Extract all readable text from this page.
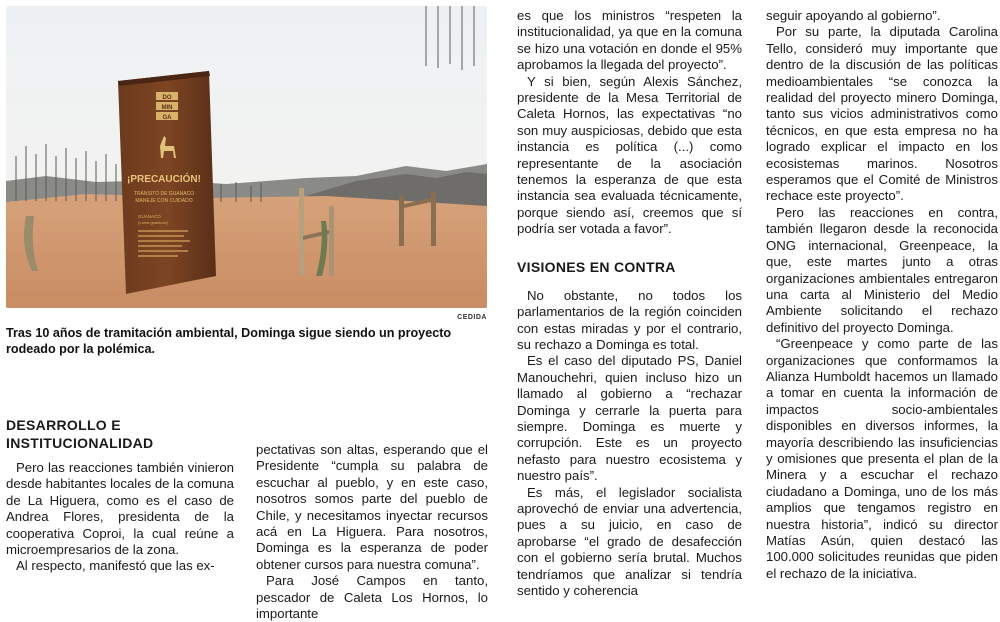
DO
MIN
GA
¡PRECAUCIÓN!
TRÁNSITO DE GUANACO
MANEJE CON CUIDADO
GUANACO
(Lama guanicoe)
CEDIDA
Tras 10 años de tramitación ambiental, Dominga sigue siendo un proyecto rodeado por la polémica.
DESARROLLO E
INSTITUCIONALIDAD

Pero las reacciones también vinieron desde habitantes locales de la comuna de La Higuera, como es el caso de Andrea Flores, presidenta de la cooperativa Coproi, la cual reúne a microempresarios de la zona.

Al respecto, manifestó que las ex-

pectativas son altas, esperando que el Presidente “cumpla su palabra de escuchar al pueblo, y en este caso, nosotros somos parte del pueblo de Chile, y necesitamos inyectar recursos acá en La Higuera. Para nosotros, Dominga es la esperanza de poder obtener cursos para nuestra comuna”.

Para José Campos en tanto, pescador de Caleta Los Hornos, lo importante

es que los ministros “respeten la institucionalidad, ya que en la comuna se hizo una votación en donde el 95% aprobamos la llegada del proyecto”.

Y si bien, según Alexis Sánchez, presidente de la Mesa Territorial de Caleta Hornos, las expectativas “no son muy auspiciosas, debido que esta instancia es política (...) como representante de la asociación tenemos la esperanza de que esta instancia sea evaluada técnicamente, porque siendo así, creemos que sí podría ser votada a favor”.

VISIONES EN CONTRA

No obstante, no todos los parlamentarios de la región coinciden con estas miradas y por el contrario, su rechazo a Dominga es total.

Es el caso del diputado PS, Daniel Manouchehri, quien incluso hizo un llamado al gobierno a “rechazar Dominga y cerrarle la puerta para siempre. Dominga es muerte y corrupción. Este es un proyecto nefasto para nuestro ecosistema y nuestro país”.

Es más, el legislador socialista aprovechó de enviar una advertencia, pues a su juicio, en caso de aprobarse “el grado de desafección con el gobierno sería brutal. Muchos tendríamos que analizar si tendría sentido y coherencia

seguir apoyando al gobierno”.

Por su parte, la diputada Carolina Tello, consideró muy importante que dentro de la discusión de las políticas medioambientales “se conozca la realidad del proyecto minero Dominga, tanto sus vicios administrativos como técnicos, en que esta empresa no ha logrado explicar el impacto en los ecosistemas marinos. Nosotros esperamos que el Comité de Ministros rechace este proyecto”.

Pero las reacciones en contra, también llegaron desde la reconocida ONG internacional, Greenpeace, la que, este martes junto a otras organizaciones ambientales entregaron una carta al Ministerio del Medio Ambiente solicitando el rechazo definitivo del proyecto Dominga.

“Greenpeace y como parte de las organizaciones que conformamos la Alianza Humboldt hacemos un llamado a tomar en cuenta la información de impactos socio-ambientales disponibles en diversos informes, la mayoría describiendo las insuficiencias y omisiones que presenta el plan de la Minera y a escuchar el rechazo ciudadano a Dominga, uno de los más amplios que tengamos registro en nuestra historia”, indicó su director Matías Asún, quien destacó las 100.000 solicitudes reunidas que piden el rechazo de la iniciativa.
